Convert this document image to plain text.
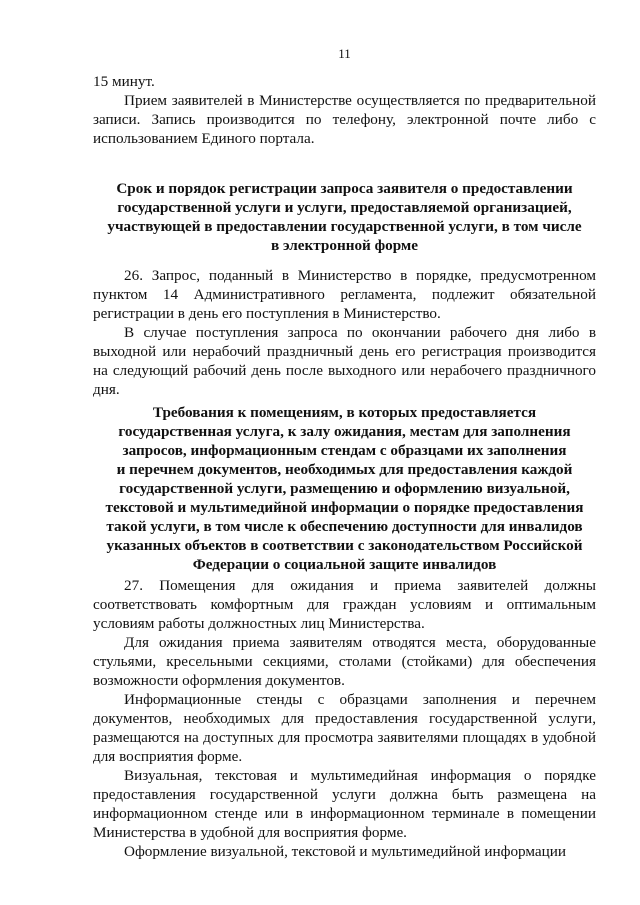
11

15 минут.

Прием заявителей в Министерстве осуществляется по предварительной записи. Запись производится по телефону, электронной почте либо с использованием Единого портала.

Срок и порядок регистрации запроса заявителя о предоставлении

государственной услуги и услуги, предоставляемой организацией,

участвующей в предоставлении государственной услуги, в том числе

в электронной форме

26. Запрос, поданный в Министерство в порядке, предусмотренном пунктом 14 Административного регламента, подлежит обязательной регистрации в день его поступления в Министерство.

В случае поступления запроса по окончании рабочего дня либо в выходной или нерабочий праздничный день его регистрация производится на следующий рабочий день после выходного или нерабочего праздничного дня.

Требования к помещениям, в которых предоставляется

государственная услуга, к залу ожидания, местам для заполнения

запросов, информационным стендам с образцами их заполнения

и перечнем документов, необходимых для предоставления каждой

государственной услуги, размещению и оформлению визуальной,

текстовой и мультимедийной информации о порядке предоставления

такой услуги, в том числе к обеспечению доступности для инвалидов

указанных объектов в соответствии с законодательством Российской

Федерации о социальной защите инвалидов

27. Помещения для ожидания и приема заявителей должны соответствовать комфортным для граждан условиям и оптимальным условиям работы должностных лиц Министерства.

Для ожидания приема заявителям отводятся места, оборудованные стульями, кресельными секциями, столами (стойками) для обеспечения возможности оформления документов.

Информационные стенды с образцами заполнения и перечнем документов, необходимых для предоставления государственной услуги, размещаются на доступных для просмотра заявителями площадях в удобной для восприятия форме.

Визуальная, текстовая и мультимедийная информация о порядке предоставления государственной услуги должна быть размещена на информационном стенде или в информационном терминале в помещении Министерства в удобной для восприятия форме.

Оформление визуальной, текстовой и мультимедийной информации
